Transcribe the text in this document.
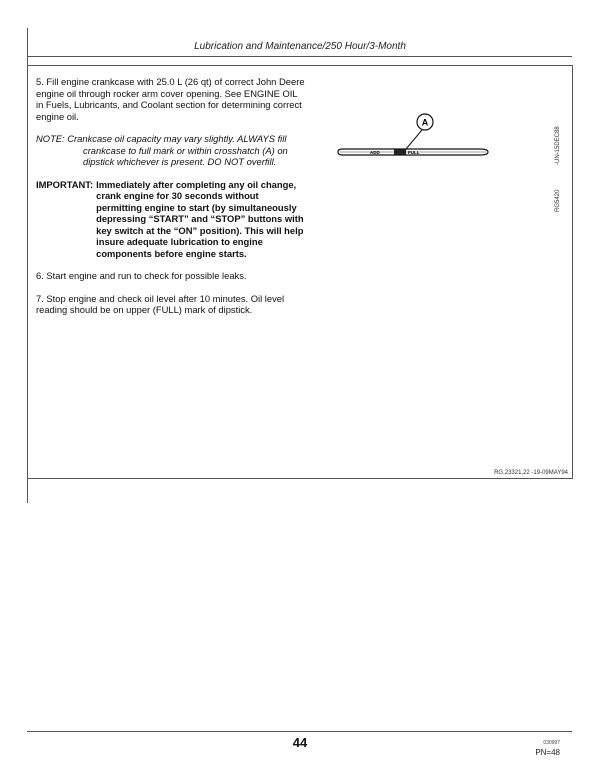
Lubrication and Maintenance/250 Hour/3-Month

5. Fill engine crankcase with 25.0 L (26 qt) of correct John Deere engine oil through rocker arm cover opening. See ENGINE OIL in Fuels, Lubricants, and Coolant section for determining correct engine oil.

NOTE: Crankcase oil capacity may vary slightly. ALWAYS fill crankcase to full mark or within crosshatch (A) on dipstick whichever is present. DO NOT overfill.

IMPORTANT: Immediately after completing any oil change, crank engine for 30 seconds without permitting engine to start (by simultaneously depressing “START” and “STOP” buttons with key switch at the “ON” position). This will help insure adequate lubrication to engine components before engine starts.

6. Start engine and run to check for possible leaks.

7. Stop engine and check oil level after 10 minutes. Oil level reading should be on upper (FULL) mark of dipstick.

A
ADD	FULL	-UN-15DEC88
RG5420
RG,23321,22 -19-09MAY94
44	030997
PN=48
